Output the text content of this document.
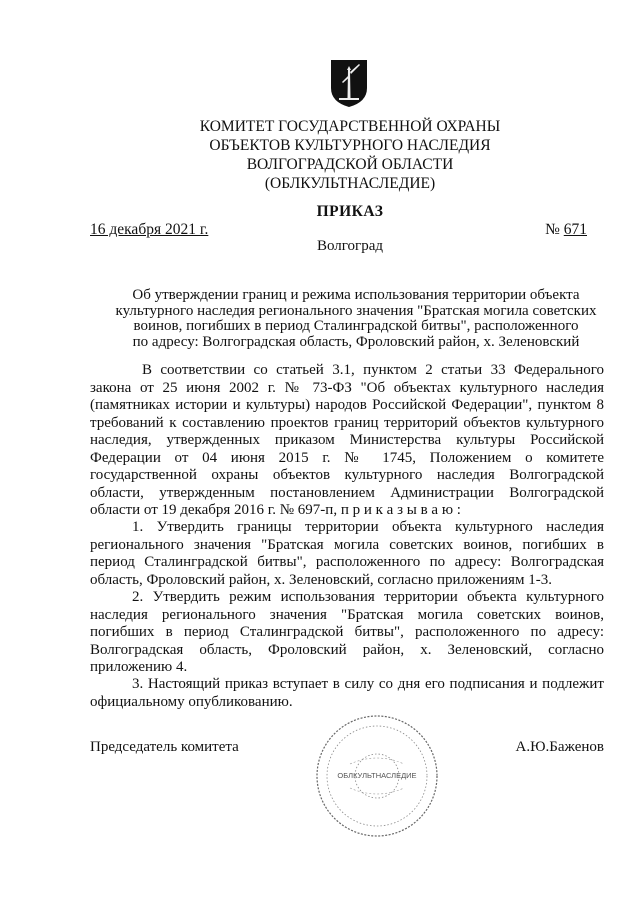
КОМИТЕТ ГОСУДАРСТВЕННОЙ ОХРАНЫ
ОБЪЕКТОВ КУЛЬТУРНОГО НАСЛЕДИЯ
ВОЛГОГРАДСКОЙ ОБЛАСТИ
(ОБЛКУЛЬТНАСЛЕДИЕ)
ПРИКАЗ
16 декабря 2021 г.	№ 671
Волгоград
Об утверждении границ и режима использования территории объекта
культурного наследия регионального значения "Братская могила советских
воинов, погибших в период Сталинградской битвы", расположенного
по адресу: Волгоградская область, Фроловский район, х. Зеленовский
В соответствии со статьей 3.1, пунктом 2 статьи 33 Федерального закона от 25 июня 2002 г. № 73-ФЗ "Об объектах культурного наследия (памятниках истории и культуры) народов Российской Федерации", пунктом 8 требований к составлению проектов границ территорий объектов культурного наследия, утвержденных приказом Министерства культуры Российской Федерации от 04 июня 2015 г. № 1745, Положением о комитете государственной охраны объектов культурного наследия Волгоградской области, утвержденным постановлением Администрации Волгоградской области от 19 декабря 2016 г. № 697-п, п р и к а з ы в а ю :
1. Утвердить границы территории объекта культурного наследия регионального значения "Братская могила советских воинов, погибших в период Сталинградской битвы", расположенного по адресу: Волгоградская область, Фроловский район, х. Зеленовский, согласно приложениям 1-3.
2. Утвердить режим использования территории объекта культурного наследия регионального значения "Братская могила советских воинов, погибших в период Сталинградской битвы", расположенного по адресу: Волгоградская область, Фроловский район, х. Зеленовский, согласно приложению 4.
3. Настоящий приказ вступает в силу со дня его подписания и подлежит официальному опубликованию.
Председатель комитета
ОБЛКУЛЬТНАСЛЕДИЕ
А.Ю.Баженов
